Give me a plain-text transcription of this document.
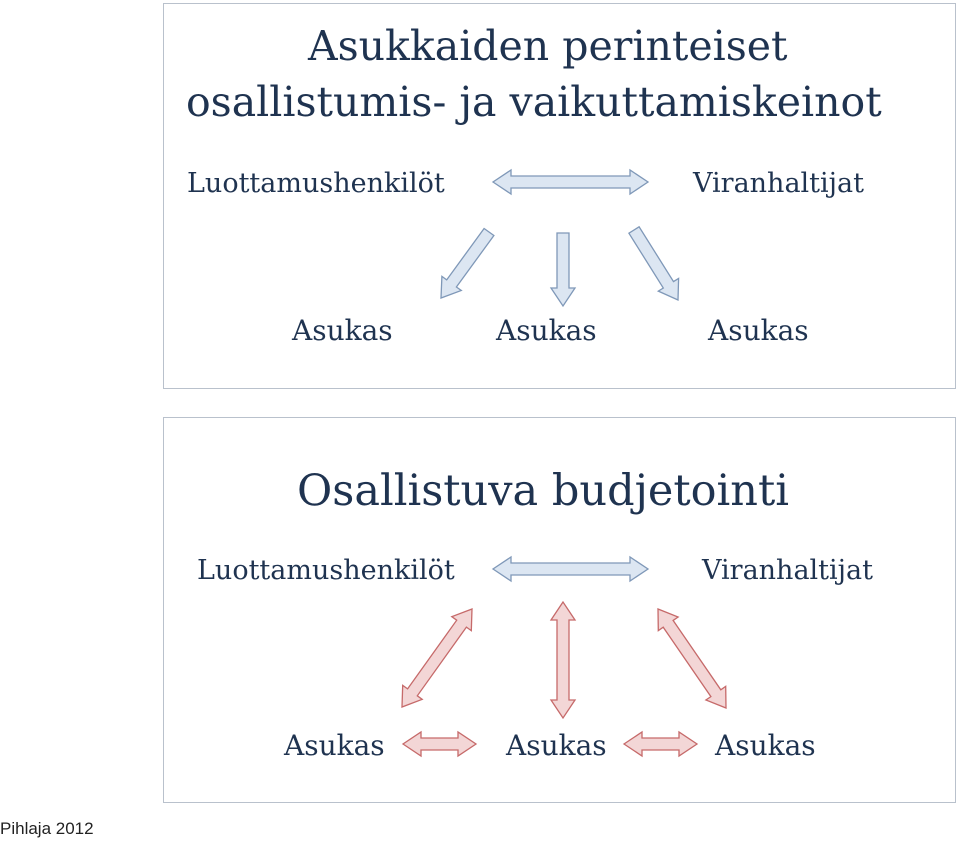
Asukkaiden perinteiset
osallistumis- ja vaikuttamiskeinot
Luottamushenkilöt	Viranhaltijat
Asukas	Asukas	Asukas
Osallistuva budjetointi
Luottamushenkilöt	Viranhaltijat
Asukas	Asukas	Asukas
Pihlaja 2012
